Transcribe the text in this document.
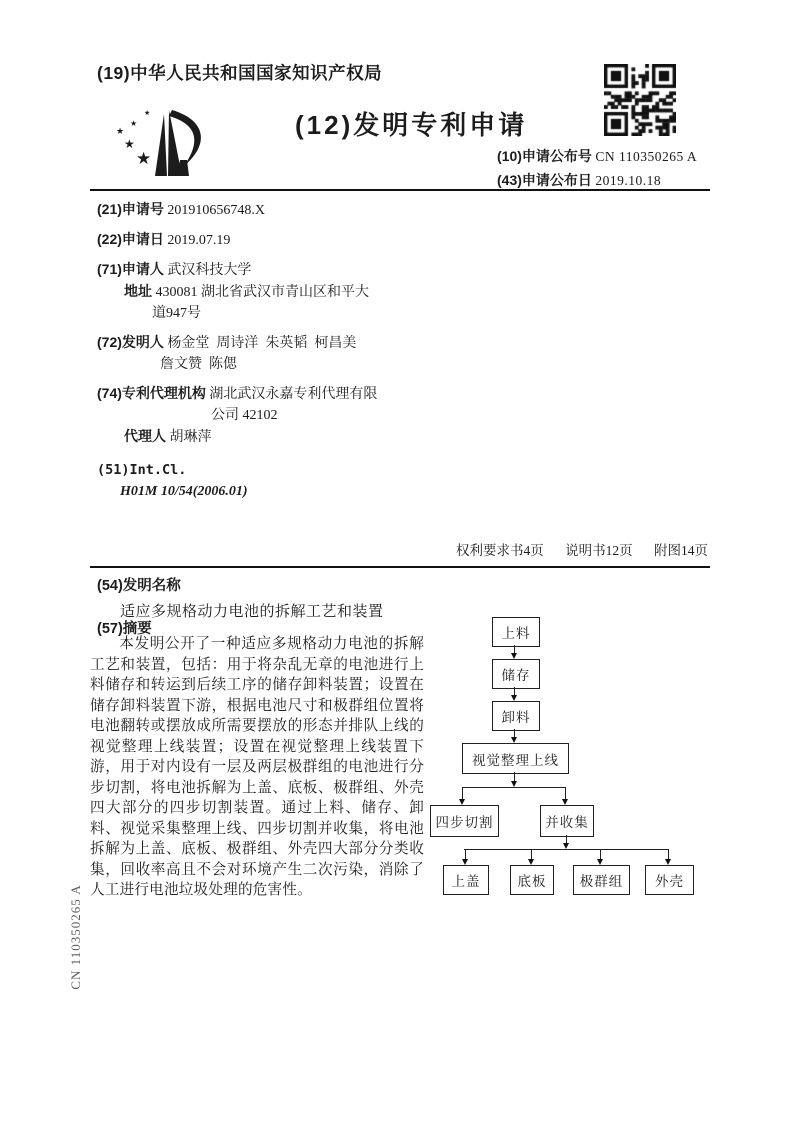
(19)中华人民共和国国家知识产权局
★
★
★
★
★	(12)发明专利申请
(10)申请公布号 CN 110350265 A
(43)申请公布日 2019.10.18
(21)申请号 201910656748.X
(22)申请日 2019.07.19
(71)申请人 武汉科技大学
地址 430081 湖北省武汉市青山区和平大
道947号
(72)发明人 杨金堂  周诗洋  朱英韬  柯昌美
詹文赞  陈偲
(74)专利代理机构 湖北武汉永嘉专利代理有限
公司 42102
代理人 胡琳萍
(51)Int.Cl.
H01M 10/54(2006.01)
权利要求书4页 说明书12页 附图14页
(54)发明名称
适应多规格动力电池的拆解工艺和装置
(57)摘要

本发明公开了一种适应多规格动力电池的拆解工艺和装置，包括：用于将杂乱无章的电池进行上料储存和转运到后续工序的储存卸料装置；设置在储存卸料装置下游，根据电池尺寸和极群组位置将电池翻转或摆放成所需要摆放的形态并排队上线的视觉整理上线装置；设置在视觉整理上线装置下游，用于对内设有一层及两层极群组的电池进行分步切割，将电池拆解为上盖、底板、极群组、外壳四大部分的四步切割装置。通过上料、储存、卸料、视觉采集整理上线、四步切割并收集，将电池拆解为上盖、底板、极群组、外壳四大部分分类收集，回收率高且不会对环境产生二次污染，消除了人工进行电池垃圾处理的危害性。

上料
储存
卸料
视觉整理上线
四步切割	并收集
上盖	底板	极群组	外壳
CN 110350265 A
